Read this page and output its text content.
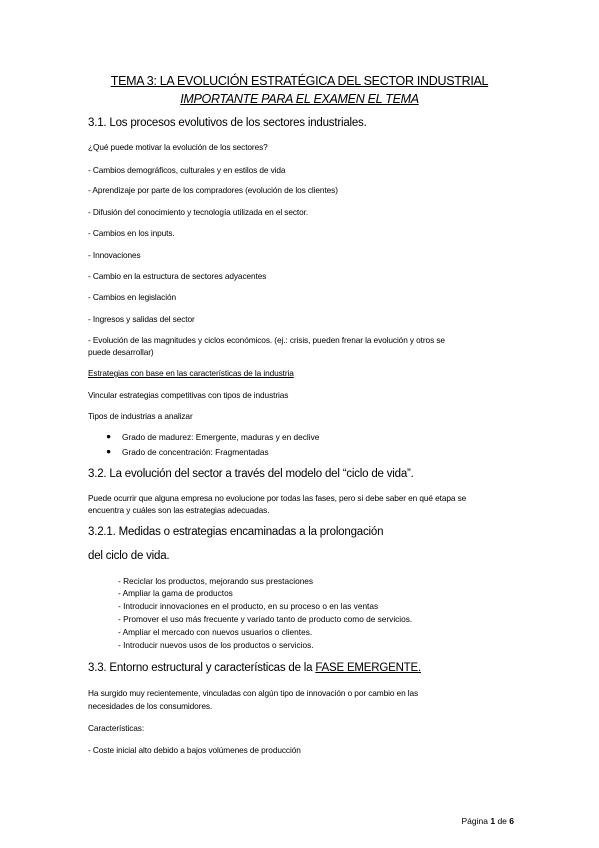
TEMA 3: LA EVOLUCIÓN ESTRATÉGICA DEL SECTOR INDUSTRIAL
IMPORTANTE PARA EL EXAMEN EL TEMA
3.1. Los procesos evolutivos de los sectores industriales.
¿Qué puede motivar la evolución de los sectores?
- Cambios demográficos, culturales y en estilos de vida
- Aprendizaje por parte de los compradores (evolución de los clientes)
- Difusión del conocimiento y tecnología utilizada en el sector.
- Cambios en los inputs.
- Innovaciones
- Cambio en la estructura de sectores adyacentes
- Cambios en legislación
- Ingresos y salidas del sector
- Evolución de las magnitudes y ciclos económicos. (ej.: crisis, pueden frenar la evolución y otros se
puede desarrollar)
Estrategias con base en las características de la industria
Vincular estrategias competitivas con tipos de industrias
Tipos de industrias a analizar
● Grado de madurez: Emergente, maduras y en declive
● Grado de concentración: Fragmentadas
3.2. La evolución del sector a través del modelo del “ciclo de vida”.
Puede ocurrir que alguna empresa no evolucione por todas las fases, pero si debe saber en qué etapa se
encuentra y cuáles son las estrategias adecuadas.
3.2.1. Medidas o estrategias encaminadas a la prolongación
del ciclo de vida.
- Reciclar los productos, mejorando sus prestaciones
- Ampliar la gama de productos
- Introducir innovaciones en el producto, en su proceso o en las ventas
- Promover el uso más frecuente y variado tanto de producto como de servicios.
- Ampliar el mercado con nuevos usuarios o clientes.
- Introducir nuevos usos de los productos o servicios.
3.3. Entorno estructural y características de la FASE EMERGENTE.
Ha surgido muy recientemente, vinculadas con algún tipo de innovación o por cambio en las
necesidades de los consumidores.
Características:
- Coste inicial alto debido a bajos volúmenes de producción
Página 1 de 6
